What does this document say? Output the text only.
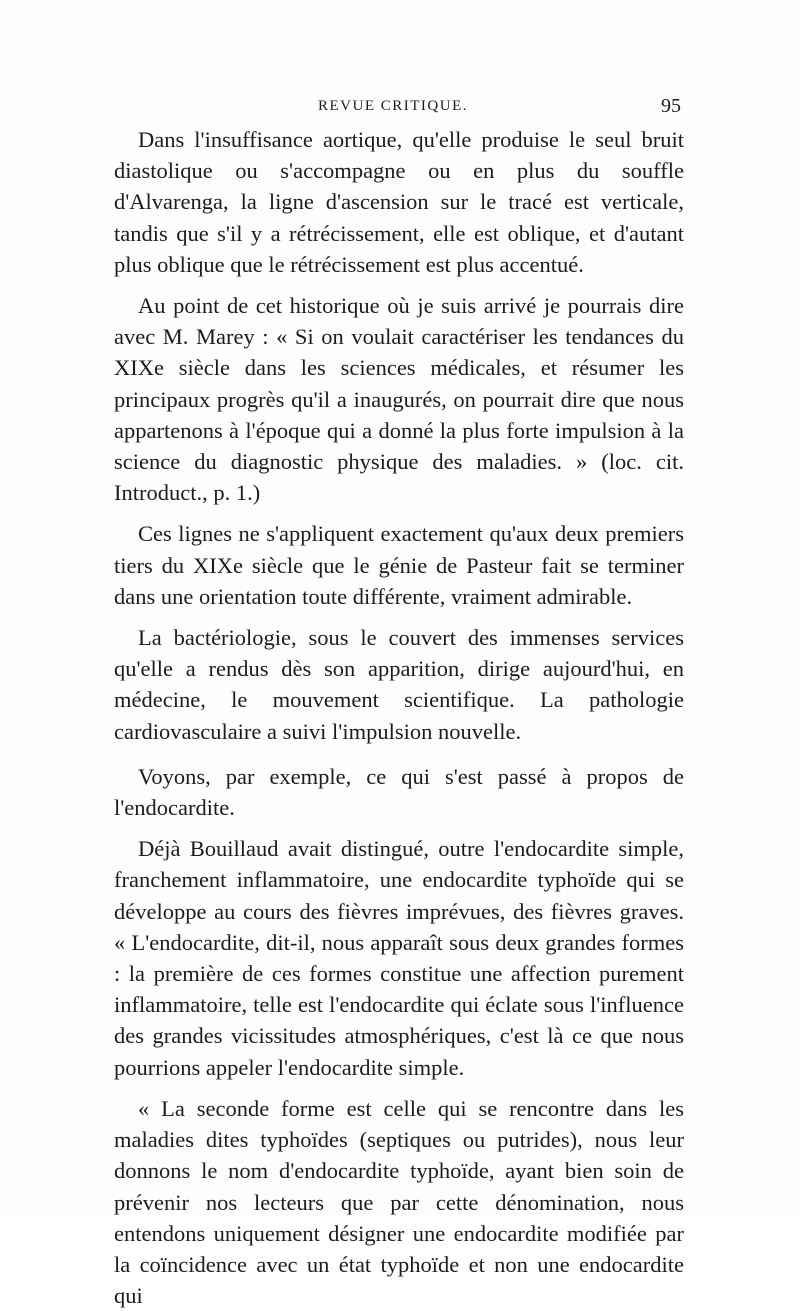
REVUE CRITIQUE.	95

Dans l'insuffisance aortique, qu'elle produise le seul bruit diastolique ou s'accompagne ou en plus du souffle d'Alvarenga, la ligne d'ascension sur le tracé est verticale, tandis que s'il y a rétrécissement, elle est oblique, et d'autant plus oblique que le rétrécissement est plus accentué.

Au point de cet historique où je suis arrivé je pourrais dire avec M. Marey : « Si on voulait caractériser les tendances du XIXe siècle dans les sciences médicales, et résumer les principaux progrès qu'il a inaugurés, on pourrait dire que nous appartenons à l'époque qui a donné la plus forte impulsion à la science du diagnostic physique des maladies. » (loc. cit. Introduct., p. 1.)

Ces lignes ne s'appliquent exactement qu'aux deux premiers tiers du XIXe siècle que le génie de Pasteur fait se terminer dans une orientation toute différente, vraiment admirable.

La bactériologie, sous le couvert des immenses services qu'elle a rendus dès son apparition, dirige aujourd'hui, en médecine, le mouvement scientifique. La pathologie cardiovasculaire a suivi l'impulsion nouvelle.

Voyons, par exemple, ce qui s'est passé à propos de l'endocardite.

Déjà Bouillaud avait distingué, outre l'endocardite simple, franchement inflammatoire, une endocardite typhoïde qui se développe au cours des fièvres imprévues, des fièvres graves. « L'endocardite, dit-il, nous apparaît sous deux grandes formes : la première de ces formes constitue une affection purement inflammatoire, telle est l'endocardite qui éclate sous l'influence des grandes vicissitudes atmosphériques, c'est là ce que nous pourrions appeler l'endocardite simple.

« La seconde forme est celle qui se rencontre dans les maladies dites typhoïdes (septiques ou putrides), nous leur donnons le nom d'endocardite typhoïde, ayant bien soin de prévenir nos lecteurs que par cette dénomination, nous entendons uniquement désigner une endocardite modifiée par la coïncidence avec un état typhoïde et non une endocardite qui
